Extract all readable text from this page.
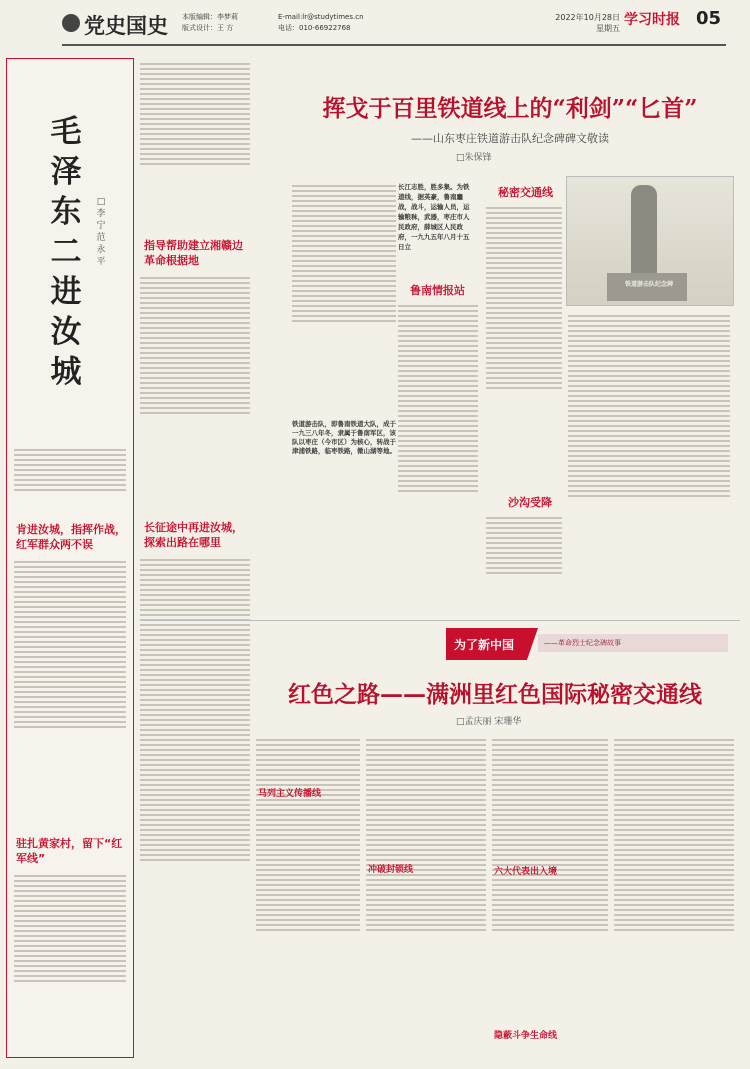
党史国史 本版编辑：李梦莉
版式设计：王 方
E-mail:lr@studytimes.cn
电话：010-66922768
2022年10月28日 星期五
学习时报 05
毛泽东二进汝城
□李宁 范永平
肯进汝城，指挥作战，红军群众两不误
驻扎黄家村，留下“红军线”
指导帮助建立湘赣边革命根据地
长征途中再进汝城，探索出路在哪里
挥戈于百里铁道线上的“利剑”“匕首”
——山东枣庄铁道游击队纪念碑碑文敬读
□朱保锋
铁道游击队，即鲁南铁道大队，成于一九三八年冬，隶属于鲁南军区，该队以枣庄（今市区）为核心，转战于津浦铁路，临枣铁路，微山湖等地。
长江志胜，胜多集。为铁道线，据英豪，鲁南鏖战，战斗，运输人员，运输粮秣，武器，枣庄市人民政府，薛城区人民政府，一九九五年八月十五日立
鲁南情报站
秘密交通线
沙沟受降
铁道游击队纪念碑
为了新中国	——革命烈士纪念碑故事
红色之路——满洲里红色国际秘密交通线
□孟庆丽 宋珊华
马列主义传播线
冲破封锁线	六大代表出入境
隐蔽斗争生命线
